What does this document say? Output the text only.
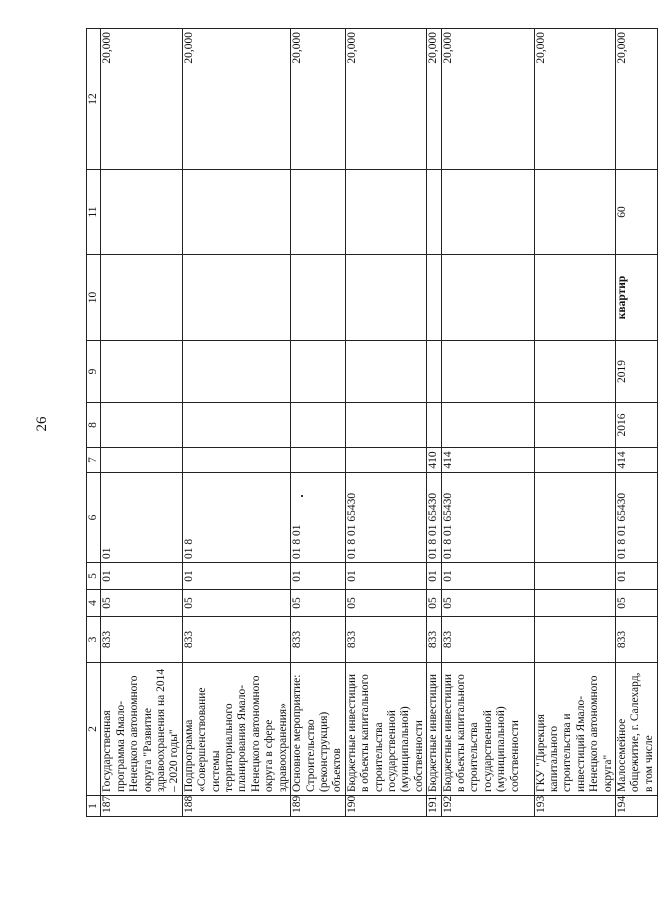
26
1	2	3	4	5	6	7	8	9	10	11	12
187	Государственная программа Ямало-Ненецкого автономного округа "Развитие здравоохранения на 2014 – 2020 годы"	833	05	01	01						20,000
188	Подпрограмма «Совершенствование системы территориального планирования Ямало-Ненецкого автономного округа в сфере здравоохранения»	833	05	01	01 8						20,000
189	Основное мероприятие: Строительство (реконструкция) объектов	833	05	01	01 8 01						20,000
190	Бюджетные инвестиции в объекты капитального строительства государственной (муниципальной) собственности	833	05	01	01 8 01 65430						20,000
191	Бюджетные инвестиции	833	05	01	01 8 01 65430	410					20,000
192	Бюджетные инвестиции в объекты капитального строительства государственной (муниципальной) собственности	833	05	01	01 8 01 65430	414					20,000
193	ГКУ "Дирекция капитального строительства и инвестиций Ямало-Ненецкого автономного округа"										20,000
194	Малосемейное общежитие, г. Салехард, в том числе	833	05	01	01 8 01 65430	414	2016	2019	квартир	60	20,000
